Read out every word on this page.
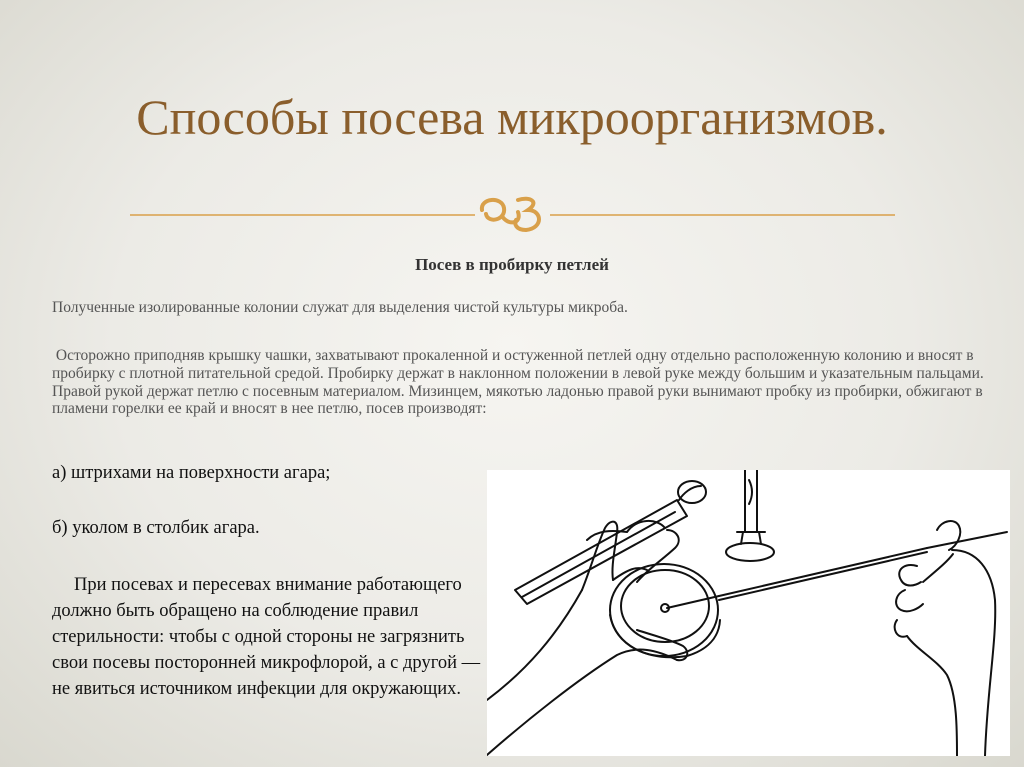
Способы посева микроорганизмов.
Посев в пробирку петлей
Полученные изолированные колонии служат для выделения чистой культуры микроба.
Осторожно приподняв крышку чашки, захватывают прокаленной и остуженной петлей одну отдельно расположенную колонию и вносят в пробирку с плотной питательной средой. Пробирку держат в наклонном положении в левой руке между большим и указательным пальцами. Правой рукой держат петлю с посевным материалом. Мизинцем, мякотью ладонью правой руки вынимают пробку из пробирки, обжигают в пламени горелки ее край и вносят в нее петлю, посев производят:
а) штрихами на поверхности агара;
б) уколом в столбик агара.
При посевах и пересевах внимание работающего должно быть обращено на соблюдение правил стерильности: чтобы с одной стороны не загрязнить свои посевы посторонней микрофлорой, а с другой — не явиться источником инфекции для окружающих.
